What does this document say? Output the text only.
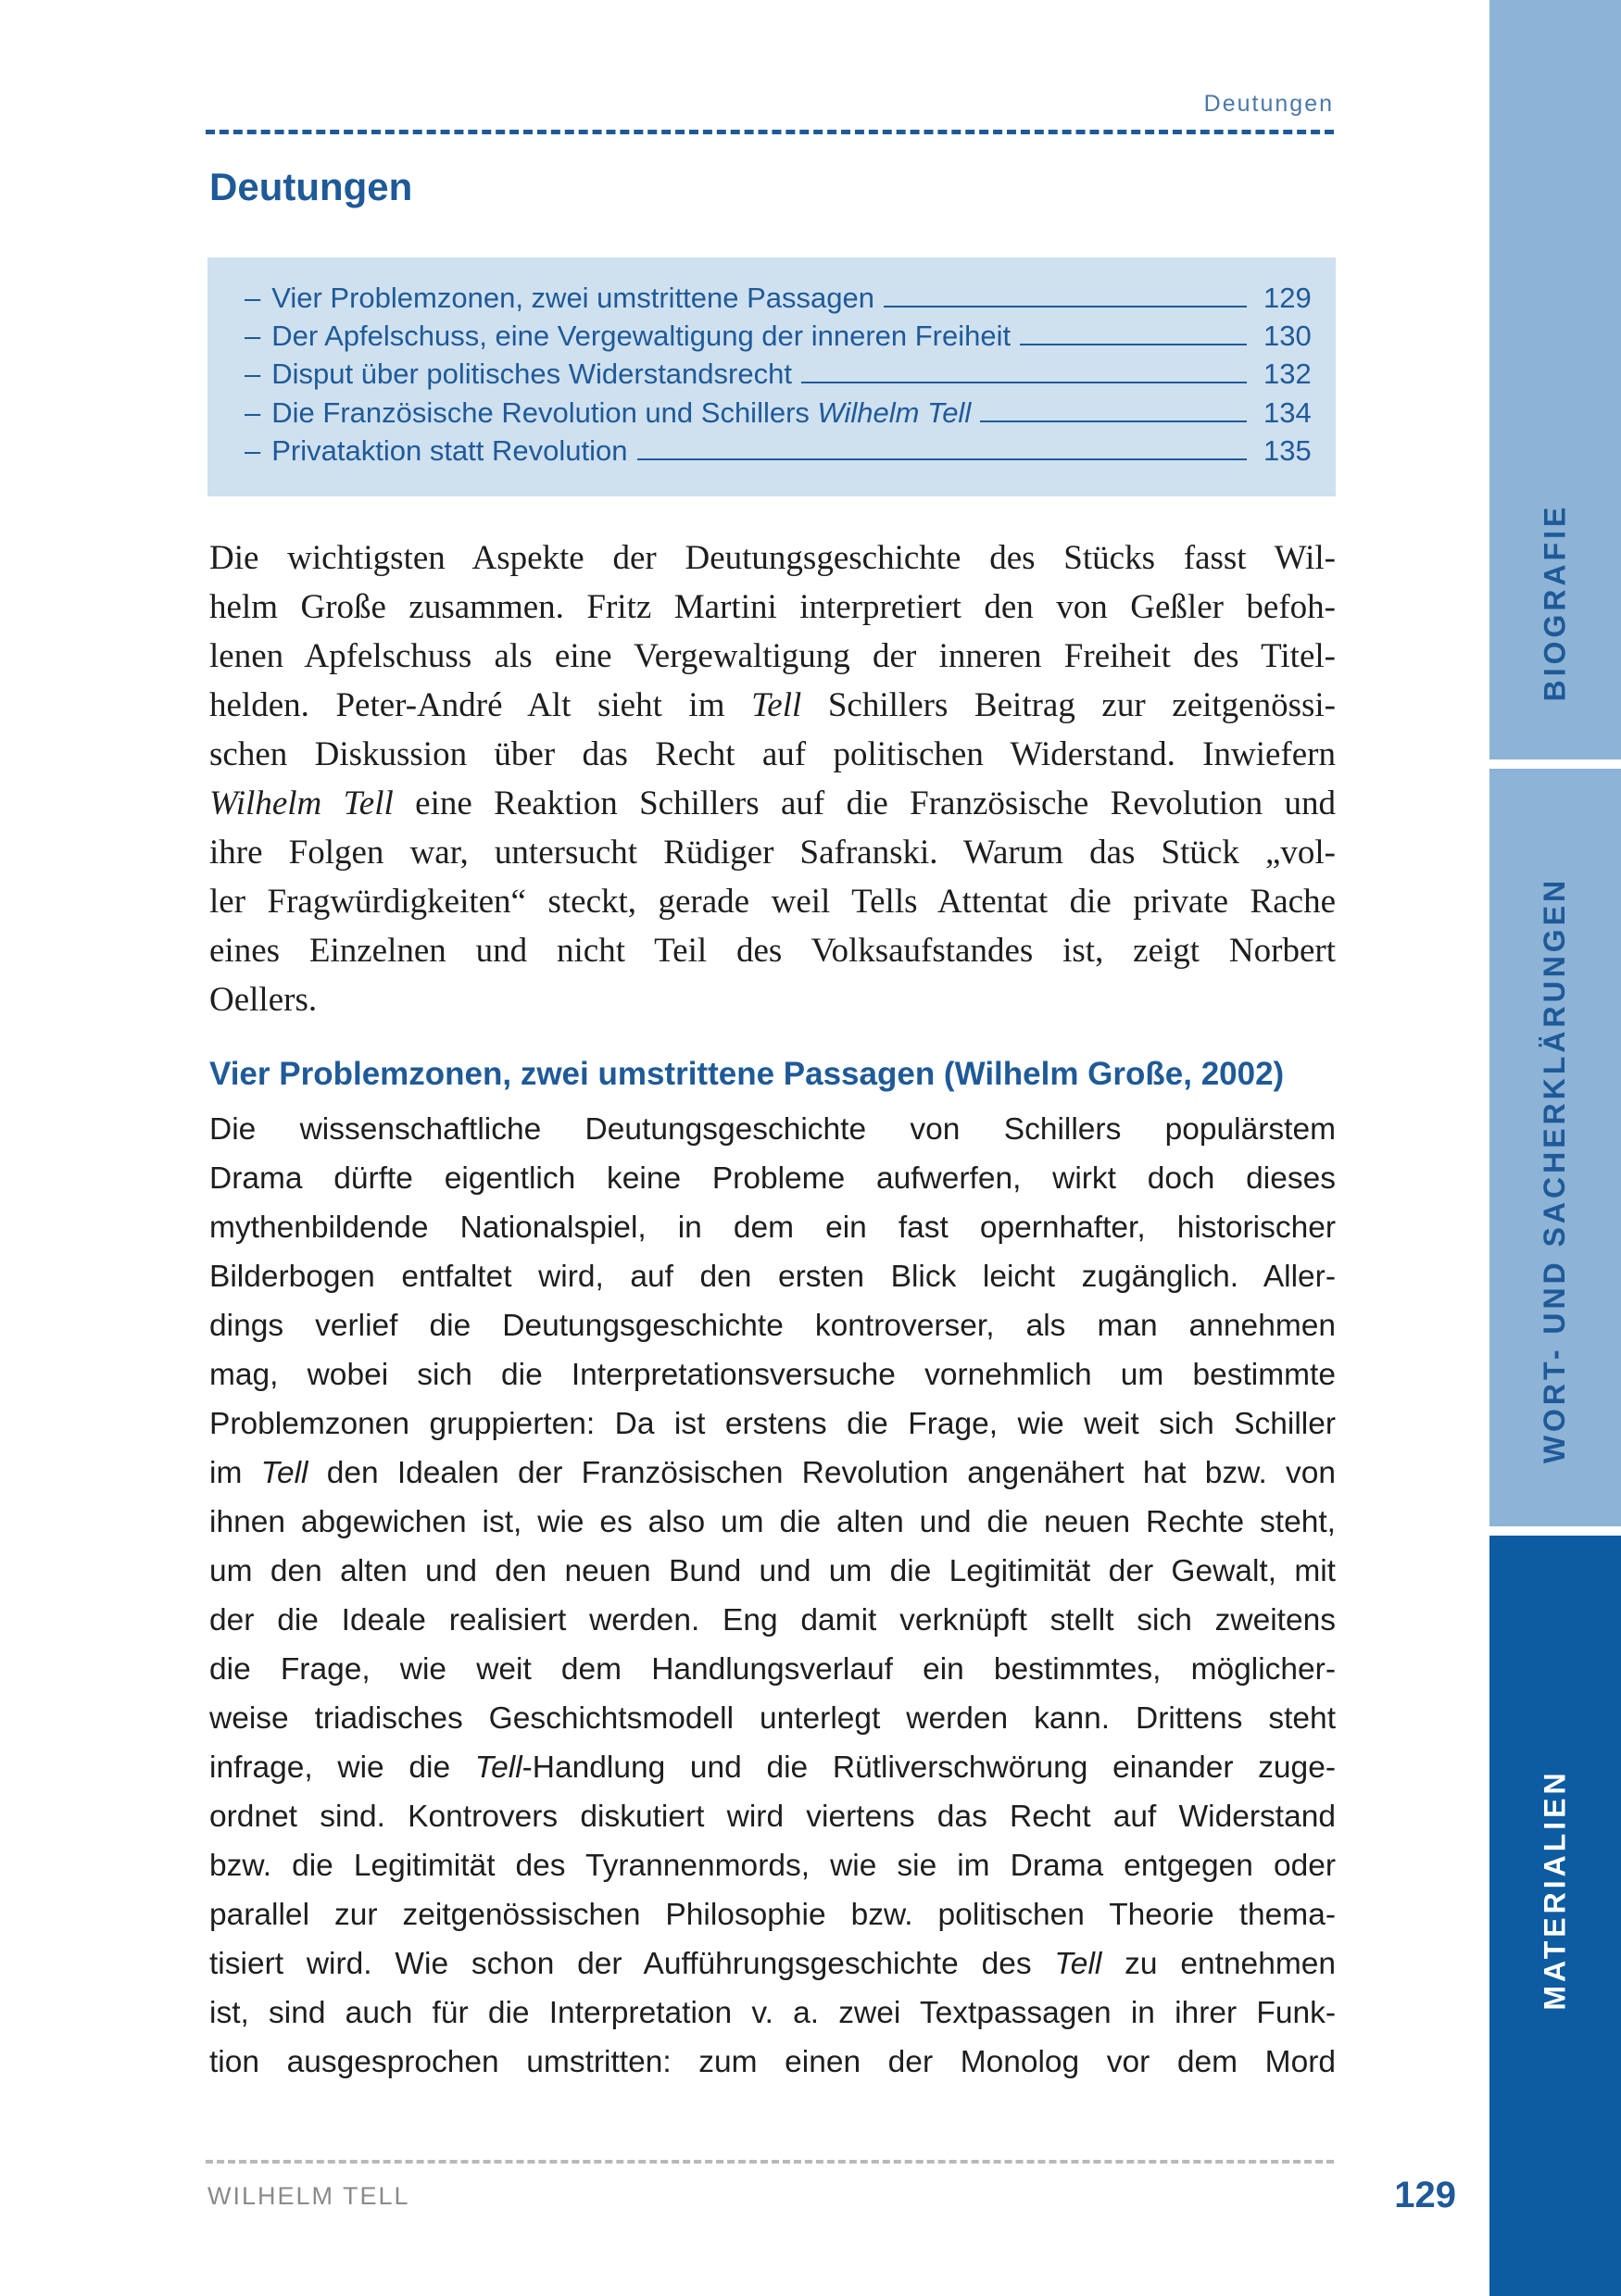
Deutungen
Deutungen
– Vier Problemzonen, zwei umstrittene Passagen	129
– Der Apfelschuss, eine Vergewaltigung der inneren Freiheit	130
– Disput über politisches Widerstandsrecht	132
– Die Französische Revolution und Schillers Wilhelm Tell	134
– Privataktion statt Revolution	135
Die wichtigsten Aspekte der Deutungsgeschichte des Stücks fasst Wil-
helm Große zusammen. Fritz Martini interpretiert den von Geßler befoh-
lenen Apfelschuss als eine Vergewaltigung der inneren Freiheit des Titel-
helden. Peter-André Alt sieht im Tell Schillers Beitrag zur zeitgenössi-
schen Diskussion über das Recht auf politischen Widerstand. Inwiefern
Wilhelm Tell eine Reaktion Schillers auf die Französische Revolution und
ihre Folgen war, untersucht Rüdiger Safranski. Warum das Stück „vol-
ler Fragwürdigkeiten“ steckt, gerade weil Tells Attentat die private Rache
eines Einzelnen und nicht Teil des Volksaufstandes ist, zeigt Norbert
Oellers.
Vier Problemzonen, zwei umstrittene Passagen (Wilhelm Große, 2002)
Die wissenschaftliche Deutungsgeschichte von Schillers populärstem
Drama dürfte eigentlich keine Probleme aufwerfen, wirkt doch dieses
mythenbildende Nationalspiel, in dem ein fast opernhafter, historischer
Bilderbogen entfaltet wird, auf den ersten Blick leicht zugänglich. Aller-
dings verlief die Deutungsgeschichte kontroverser, als man annehmen
mag, wobei sich die Interpretationsversuche vornehmlich um bestimmte
Problemzonen gruppierten: Da ist erstens die Frage, wie weit sich Schiller
im Tell den Idealen der Französischen Revolution angenähert hat bzw. von
ihnen abgewichen ist, wie es also um die alten und die neuen Rechte steht,
um den alten und den neuen Bund und um die Legitimität der Gewalt, mit
der die Ideale realisiert werden. Eng damit verknüpft stellt sich zweitens
die Frage, wie weit dem Handlungsverlauf ein bestimmtes, möglicher-
weise triadisches Geschichtsmodell unterlegt werden kann. Drittens steht
infrage, wie die Tell-Handlung und die Rütliverschwörung einander zuge-
ordnet sind. Kontrovers diskutiert wird viertens das Recht auf Widerstand
bzw. die Legitimität des Tyrannenmords, wie sie im Drama entgegen oder
parallel zur zeitgenössischen Philosophie bzw. politischen Theorie thema-
tisiert wird. Wie schon der Aufführungsgeschichte des Tell zu entnehmen
ist, sind auch für die Interpretation v. a. zwei Textpassagen in ihrer Funk-
tion ausgesprochen umstritten: zum einen der Monolog vor dem Mord
WILHELM TELL	129
BIOGRAFIE
WORT- UND SACHERKLÄRUNGEN
MATERIALIEN
